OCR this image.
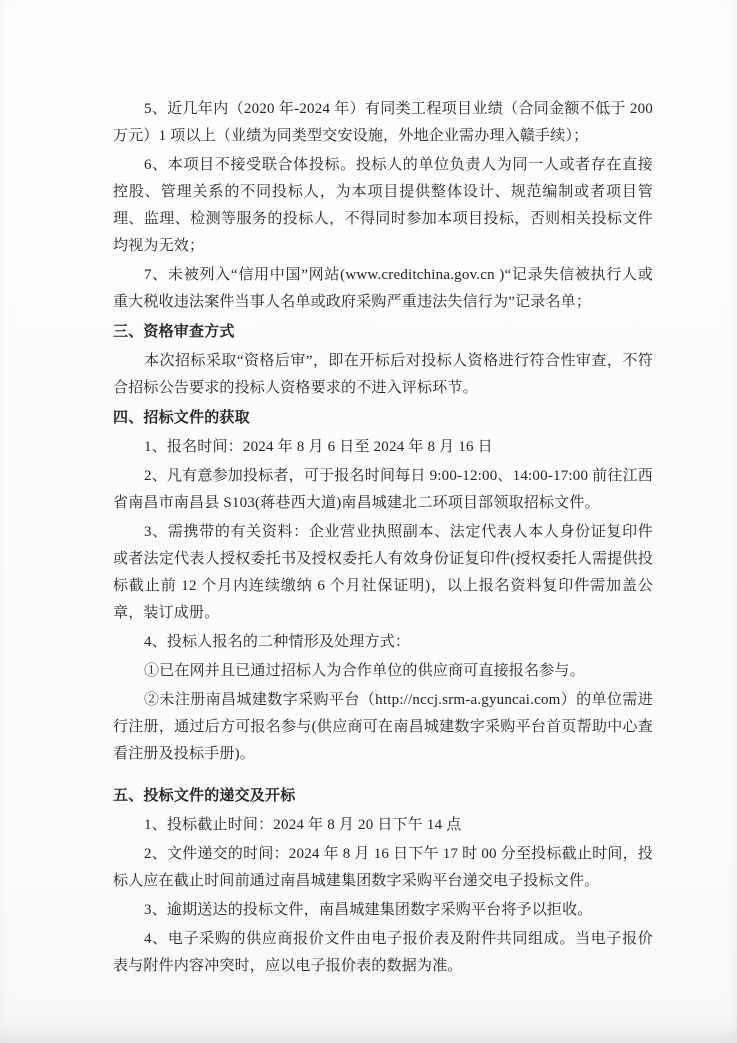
5、近几年内（2020 年-2024 年）有同类工程项目业绩（合同金额不低于 200 万元）1 项以上（业绩为同类型交安设施，外地企业需办理入赣手续）；
6、本项目不接受联合体投标。投标人的单位负责人为同一人或者存在直接控股、管理关系的不同投标人，为本项目提供整体设计、规范编制或者项目管理、监理、检测等服务的投标人，不得同时参加本项目投标，否则相关投标文件均视为无效；
7、未被列入“信用中国”网站(www.creditchina.gov.cn )“记录失信被执行人或重大税收违法案件当事人名单或政府采购严重违法失信行为”记录名单；
三、资格审查方式
本次招标采取“资格后审”，即在开标后对投标人资格进行符合性审查，不符合招标公告要求的投标人资格要求的不进入评标环节。
四、招标文件的获取
1、报名时间：2024 年 8 月 6 日至 2024 年 8 月 16 日
2、凡有意参加投标者，可于报名时间每日 9:00-12:00、14:00-17:00 前往江西省南昌市南昌县 S103(蒋巷西大道)南昌城建北二环项目部领取招标文件。
3、需携带的有关资料：企业营业执照副本、法定代表人本人身份证复印件或者法定代表人授权委托书及授权委托人有效身份证复印件(授权委托人需提供投标截止前 12 个月内连续缴纳 6 个月社保证明)，以上报名资料复印件需加盖公章，装订成册。
4、投标人报名的二种情形及处理方式：
①已在网并且已通过招标人为合作单位的供应商可直接报名参与。
②未注册南昌城建数字采购平台（http://nccj.srm-a.gyuncai.com）的单位需进行注册，通过后方可报名参与(供应商可在南昌城建数字采购平台首页帮助中心查看注册及投标手册)。
五、投标文件的递交及开标
1、投标截止时间：2024 年 8 月 20 日下午 14 点
2、文件递交的时间：2024 年 8 月 16 日下午 17 时 00 分至投标截止时间，投标人应在截止时间前通过南昌城建集团数字采购平台递交电子投标文件。
3、逾期送达的投标文件，南昌城建集团数字采购平台将予以拒收。
4、电子采购的供应商报价文件由电子报价表及附件共同组成。当电子报价表与附件内容冲突时，应以电子报价表的数据为准。
